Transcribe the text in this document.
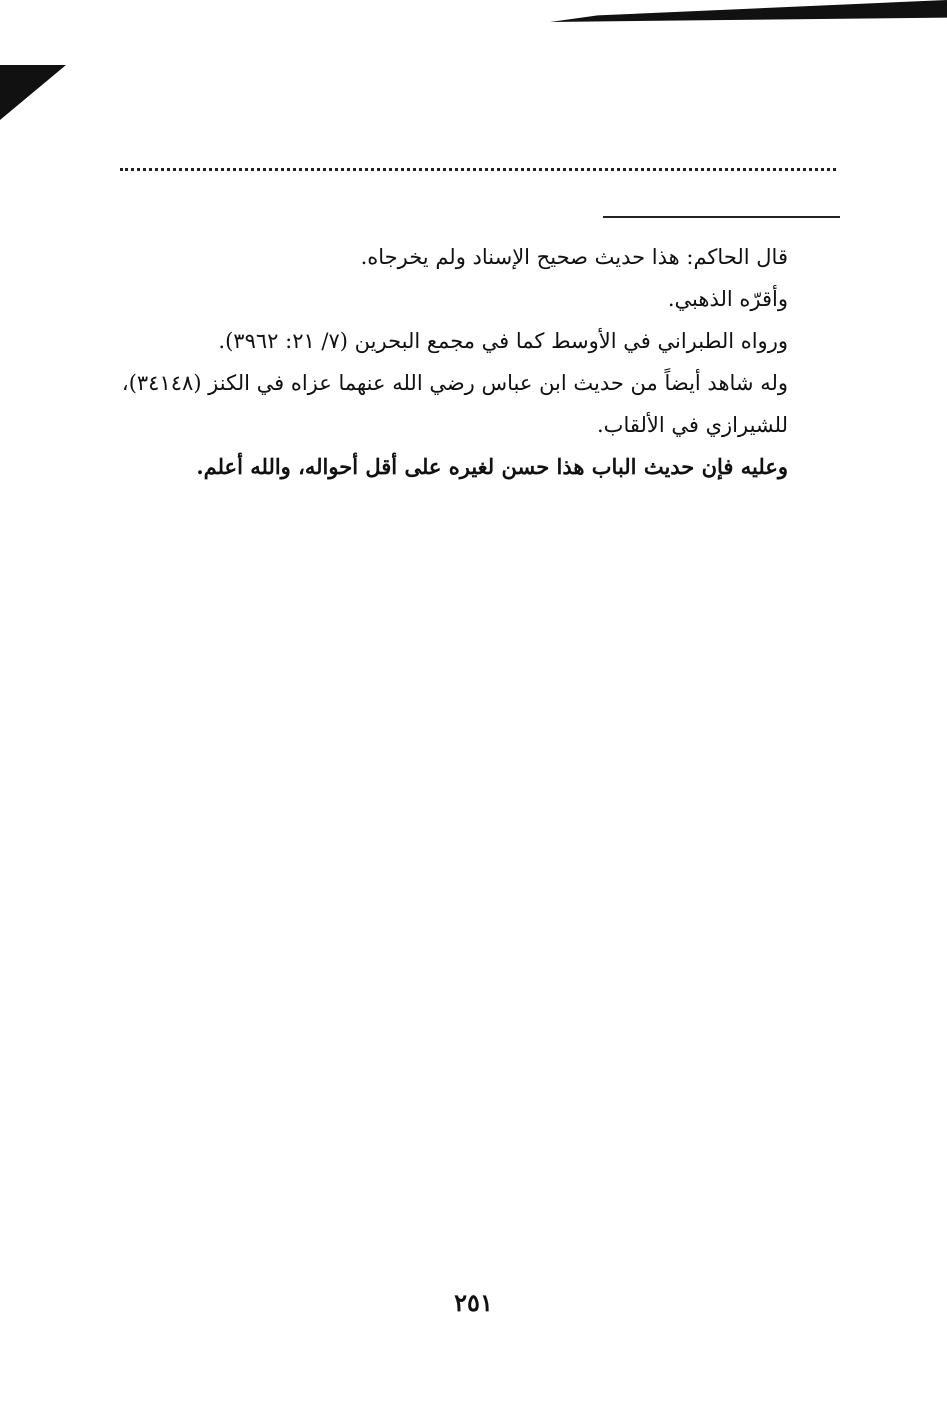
قال الحاكم: هذا حديث صحيح الإسناد ولم يخرجاه.

وأقرّه الذهبي.

ورواه الطبراني في الأوسط كما في مجمع البحرين (٧/ ٢١: ٣٩٦٢).

وله شاهد أيضاً من حديث ابن عباس رضي الله عنهما عزاه في الكنز (٣٤١٤٨)، للشيرازي في الألقاب.

وعليه فإن حديث الباب هذا حسن لغيره على أقل أحواله، والله أعلم.

٢٥١
